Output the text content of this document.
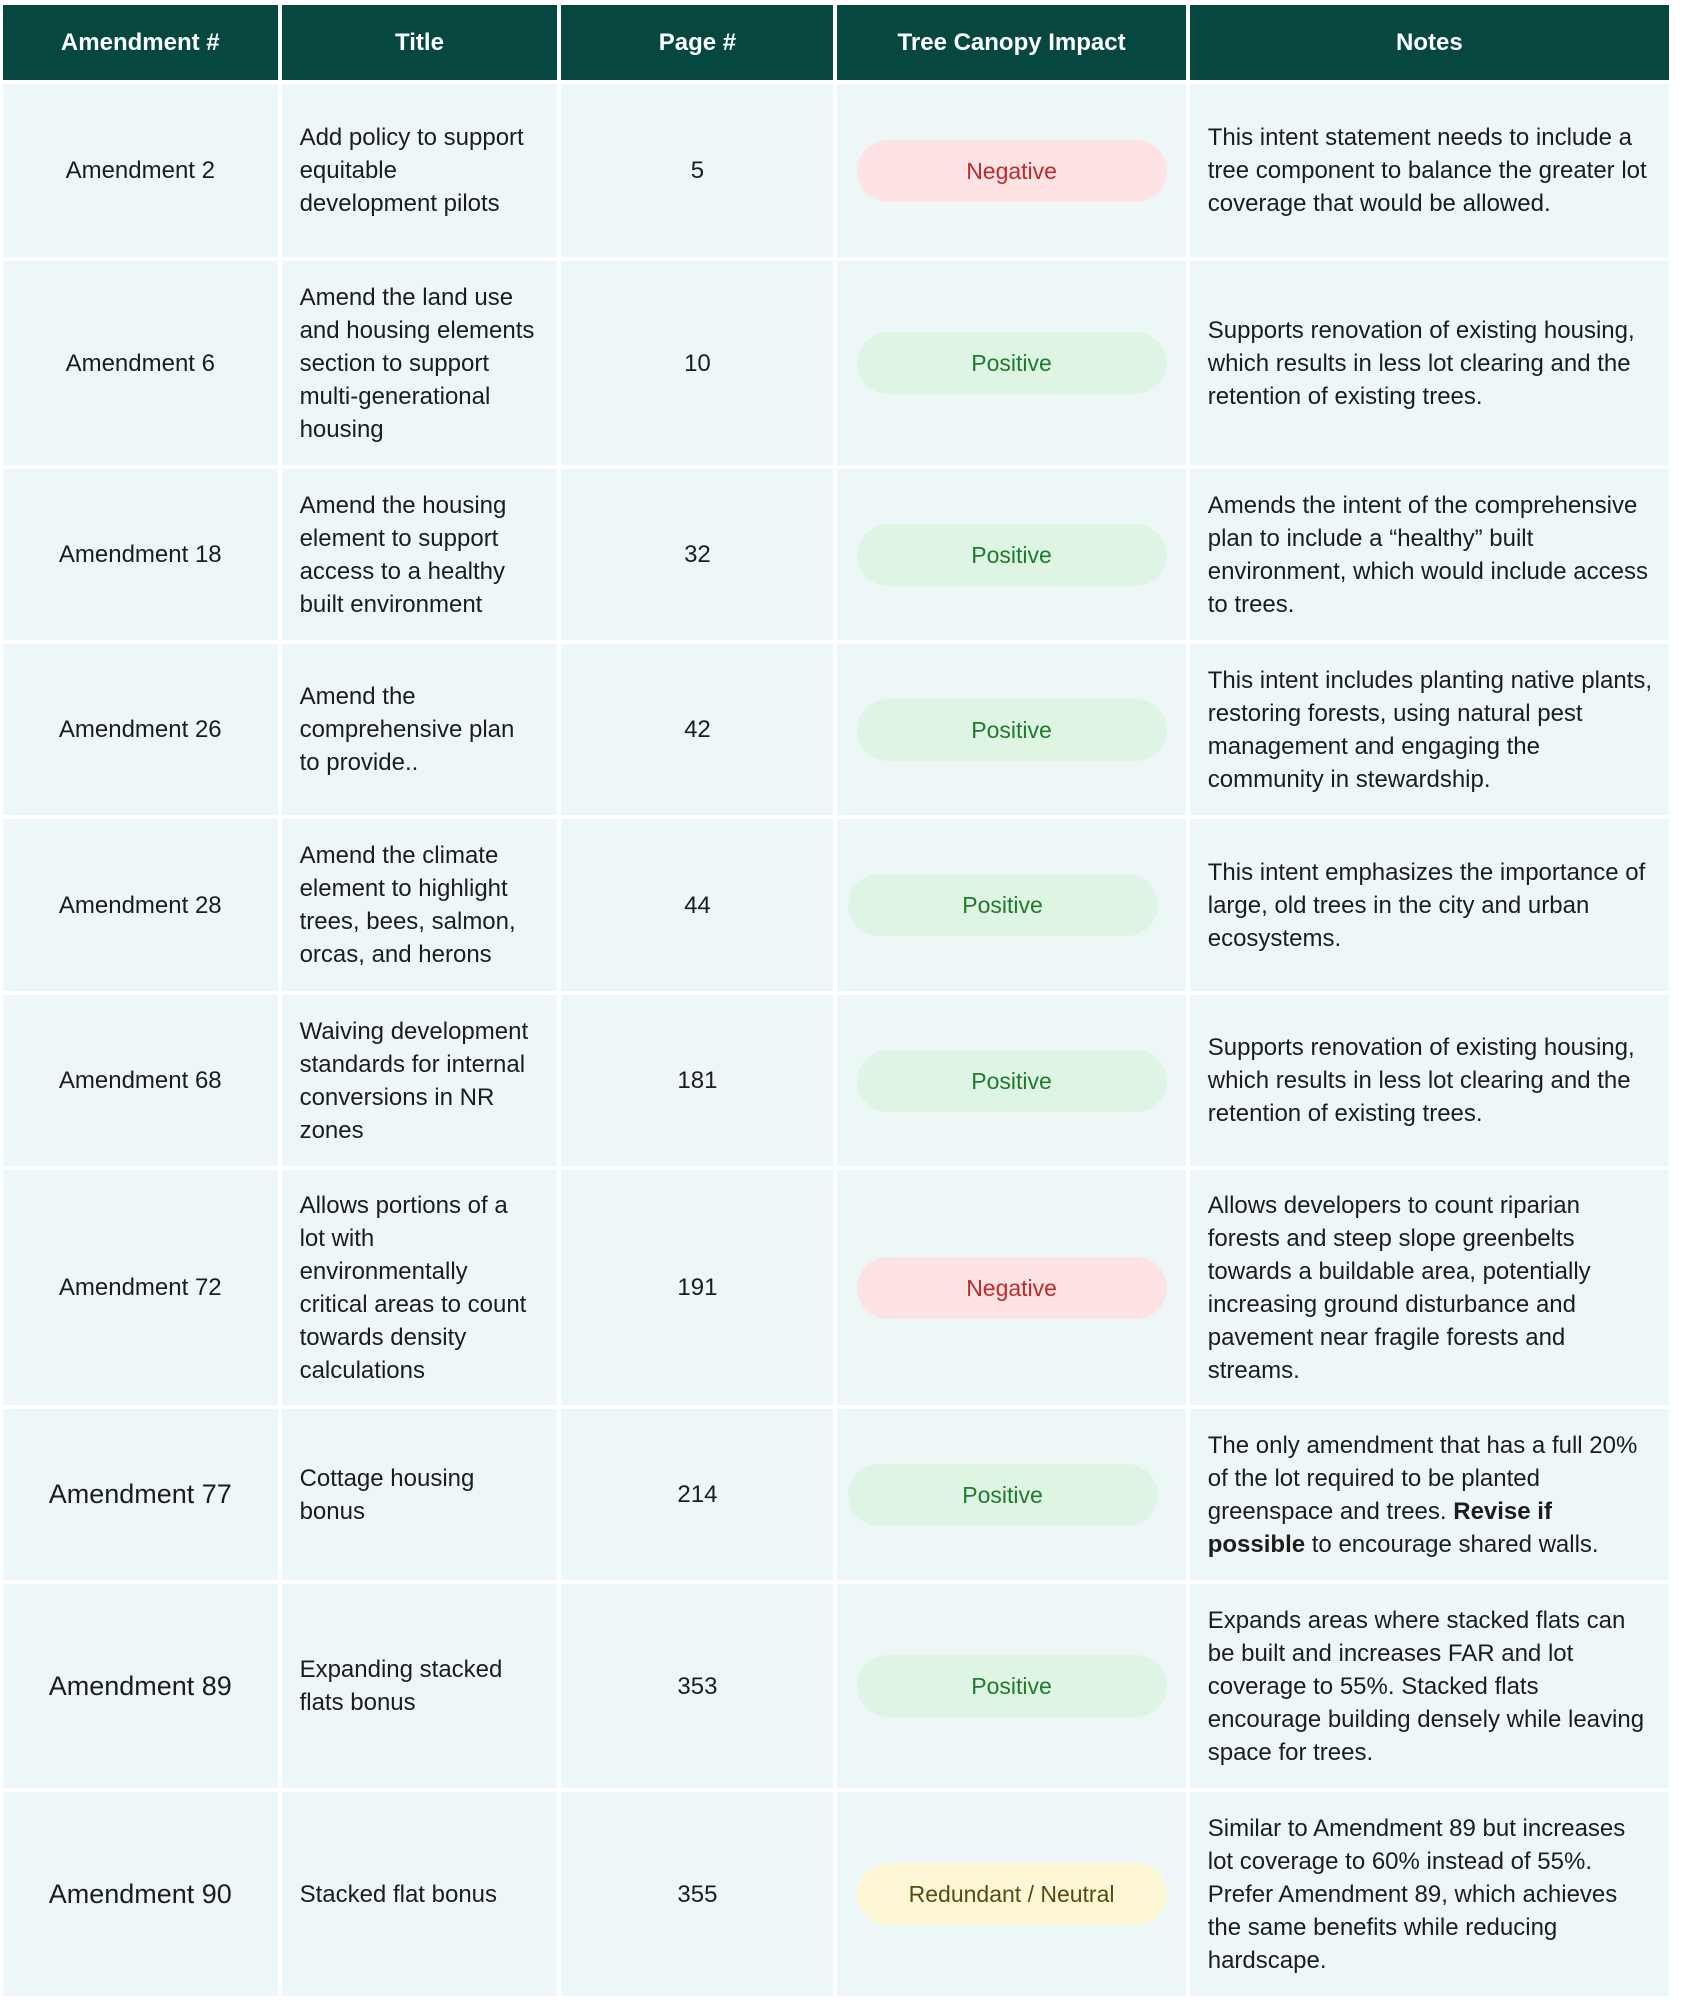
Amendment #	Title	Page #	Tree Canopy Impact	Notes
Amendment 2	Add policy to support equitable development pilots	5	Negative	This intent statement needs to include a tree component to balance the greater lot coverage that would be allowed.
Amendment 6	Amend the land use and housing elements section to support multi-generational housing	10	Positive	Supports renovation of existing housing, which results in less lot clearing and the retention of existing trees.
Amendment 18	Amend the housing element to support access to a healthy built environment	32	Positive	Amends the intent of the comprehensive plan to include a “healthy” built environment, which would include access to trees.
Amendment 26	Amend the comprehensive plan to provide..	42	Positive	This intent includes planting native plants, restoring forests, using natural pest management and engaging the community in stewardship.
Amendment 28	Amend the climate element to highlight trees, bees, salmon, orcas, and herons	44	Positive	This intent emphasizes the importance of large, old trees in the city and urban ecosystems.
Amendment 68	Waiving development standards for internal conversions in NR zones	181	Positive	Supports renovation of existing housing, which results in less lot clearing and the retention of existing trees.
Amendment 72	Allows portions of a lot with environmentally critical areas to count towards density calculations	191	Negative	Allows developers to count riparian forests and steep slope greenbelts towards a buildable area, potentially increasing ground disturbance and pavement near fragile forests and streams.
Amendment 77	Cottage housing bonus	214	Positive	The only amendment that has a full 20% of the lot required to be planted greenspace and trees. Revise if possible to encourage shared walls.
Amendment 89	Expanding stacked flats bonus	353	Positive	Expands areas where stacked flats can be built and increases FAR and lot coverage to 55%. Stacked flats encourage building densely while leaving space for trees.
Amendment 90	Stacked flat bonus	355	Redundant / Neutral	Similar to Amendment 89 but increases lot coverage to 60% instead of 55%. Prefer Amendment 89, which achieves the same benefits while reducing hardscape.
